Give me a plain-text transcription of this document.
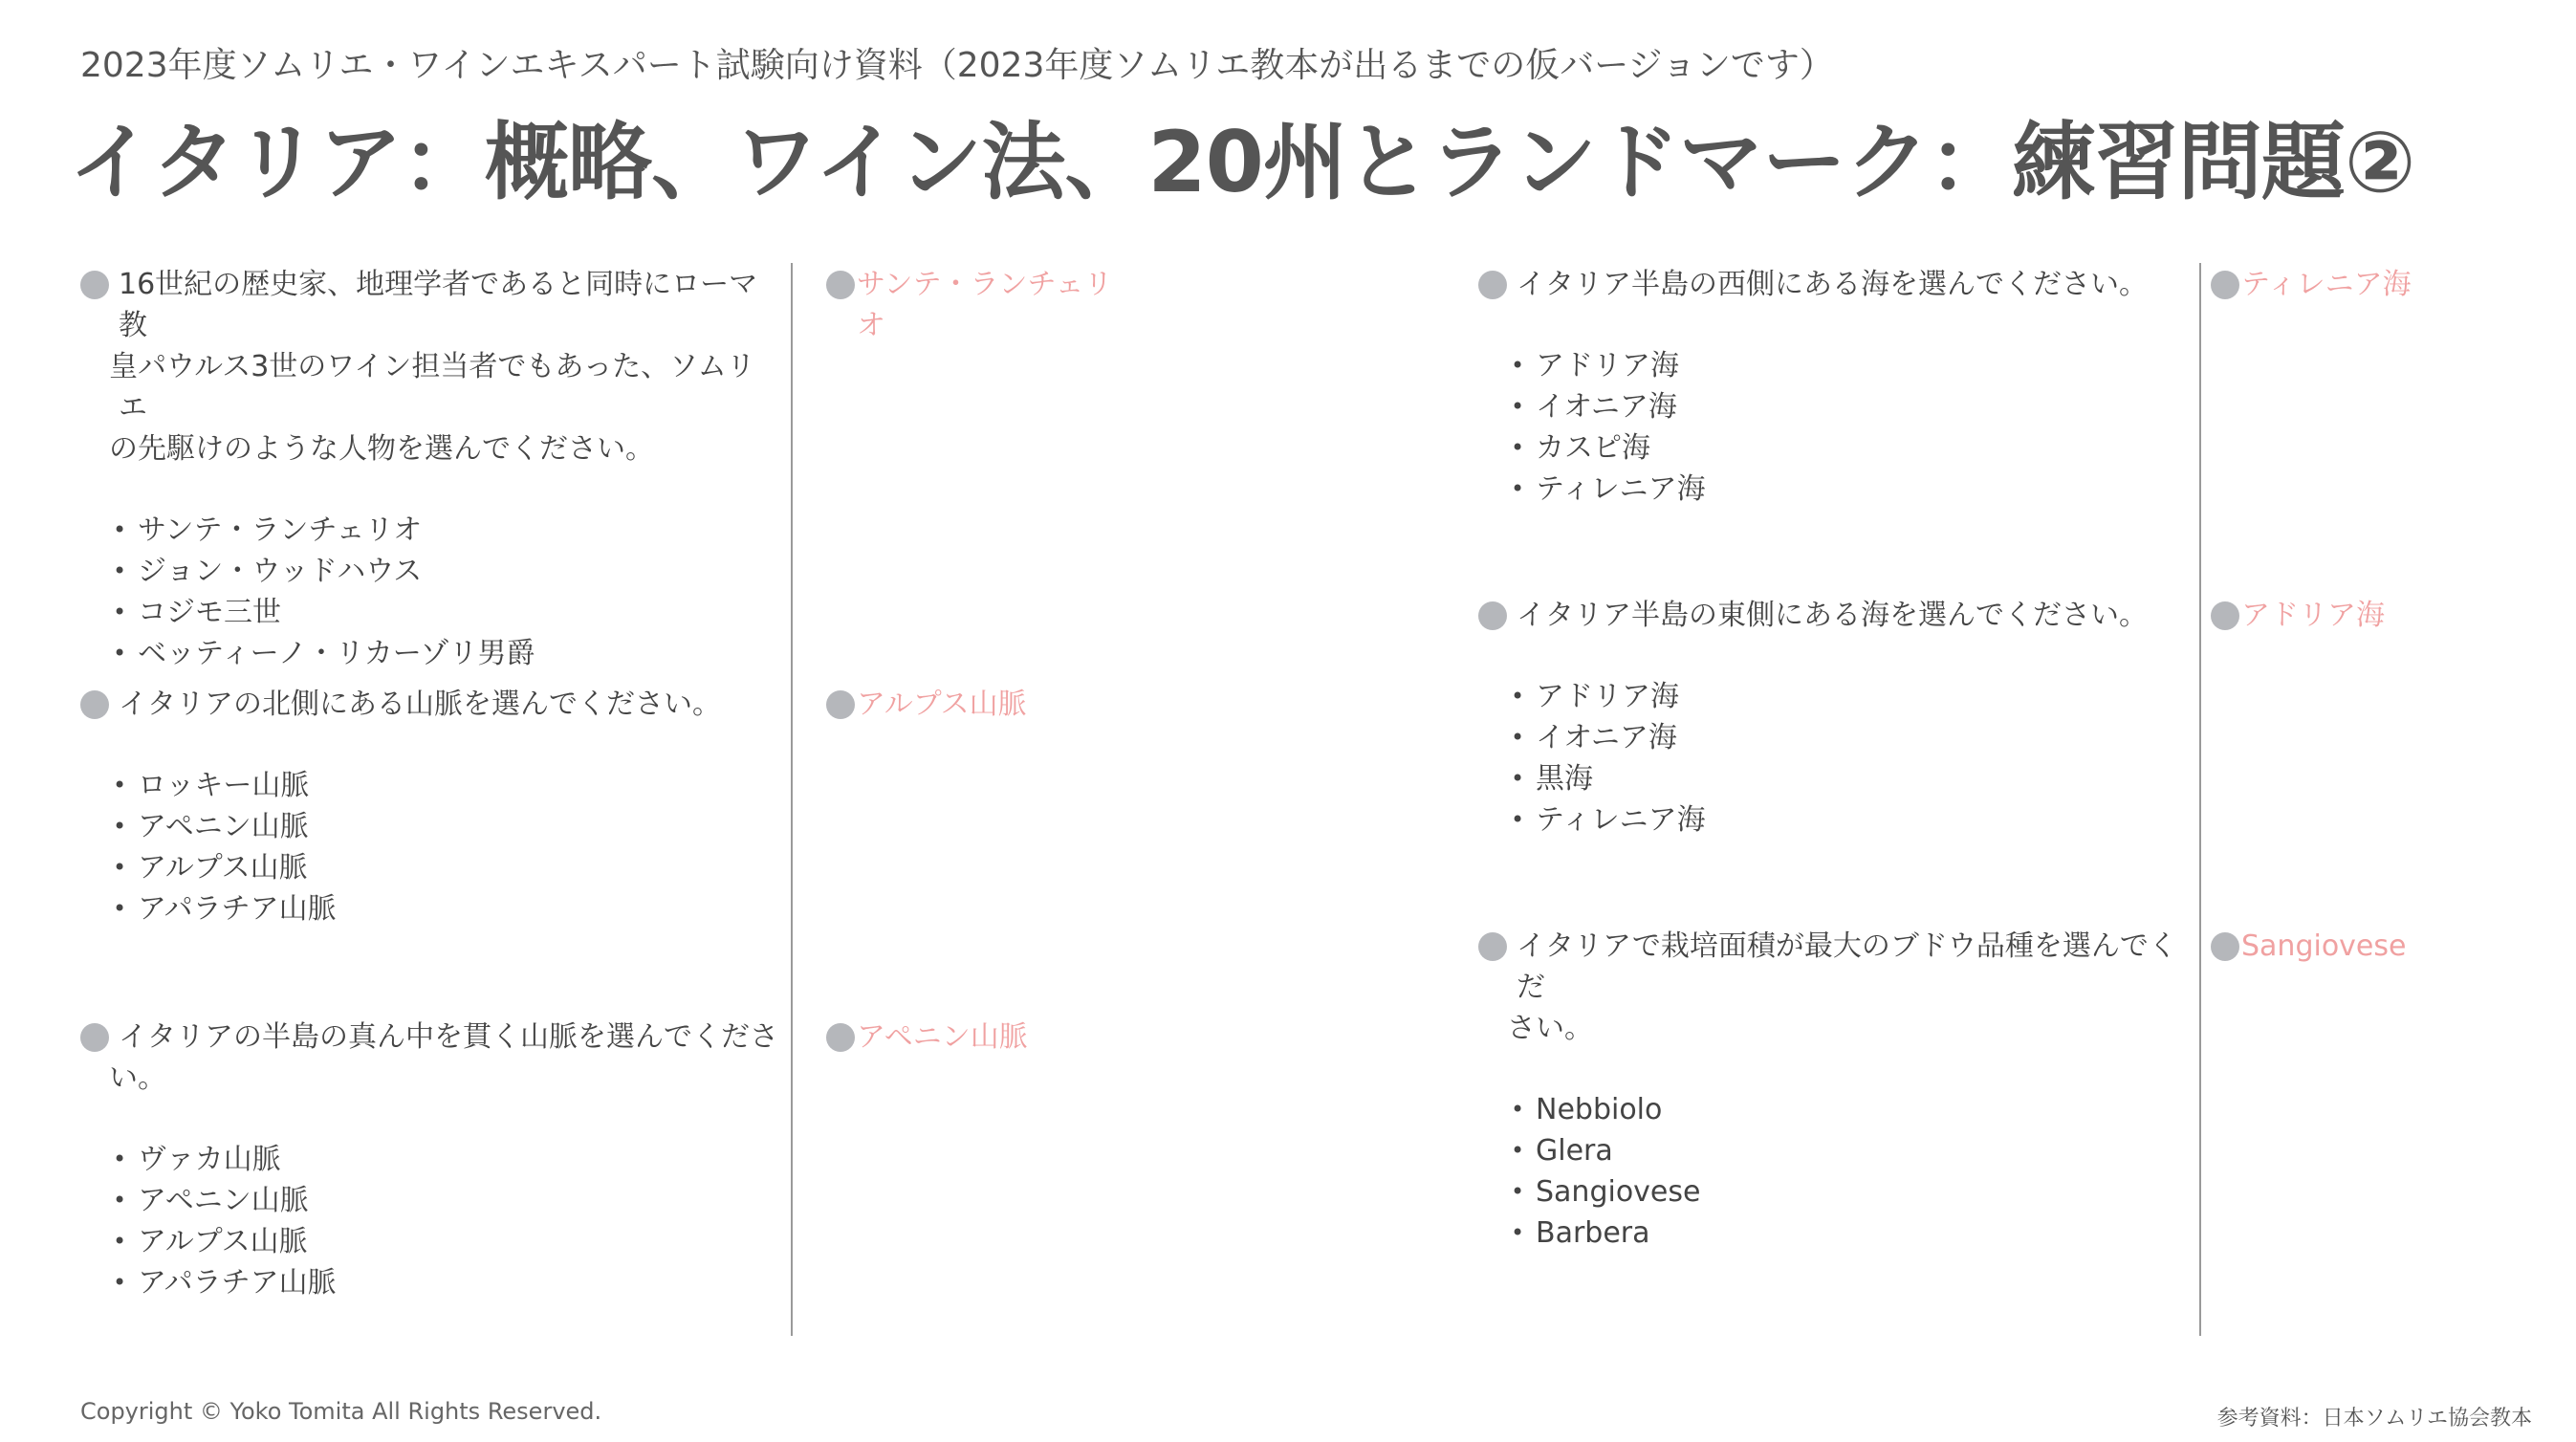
2023年度ソムリエ・ワインエキスパート試験向け資料（2023年度ソムリエ教本が出るまでの仮バージョンです）
イタリア：概略、ワイン法、20州とランドマーク：練習問題②
16世紀の歴史家、地理学者であると同時にローマ教
皇パウルス3世のワイン担当者でもあった、ソムリエ
の先駆けのような人物を選んでください。
• サンテ・ランチェリオ
• ジョン・ウッドハウス
• コジモ三世
• ベッティーノ・リカーゾリ男爵
サンテ・ランチェリ
オ
イタリアの北側にある山脈を選んでください。
• ロッキー山脈
• アペニン山脈
• アルプス山脈
• アパラチア山脈
アルプス山脈
イタリアの半島の真ん中を貫く山脈を選んでくださ
い。
• ヴァカ山脈
• アペニン山脈
• アルプス山脈
• アパラチア山脈
アペニン山脈
イタリア半島の西側にある海を選んでください。
• アドリア海
• イオニア海
• カスピ海
• ティレニア海
ティレニア海
イタリア半島の東側にある海を選んでください。
• アドリア海
• イオニア海
• 黒海
• ティレニア海
アドリア海
イタリアで栽培面積が最大のブドウ品種を選んでくだ
さい。
• Nebbiolo
• Glera
• Sangiovese
• Barbera
Sangiovese
Copyright © Yoko Tomita All Rights Reserved.	参考資料：日本ソムリエ協会教本
